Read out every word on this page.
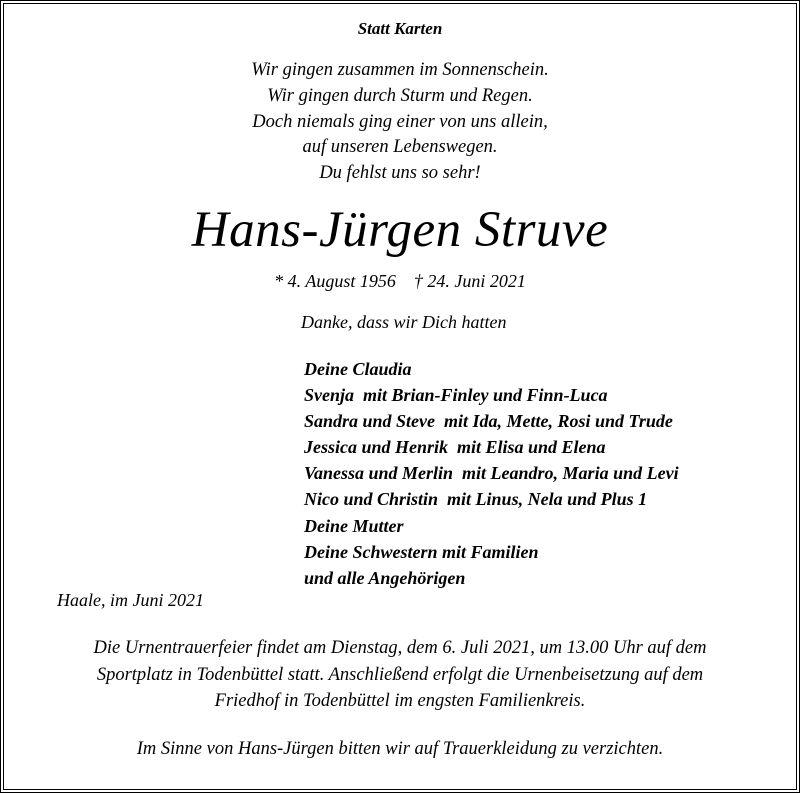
Statt Karten
Wir gingen zusammen im Sonnenschein.
Wir gingen durch Sturm und Regen.
Doch niemals ging einer von uns allein,
auf unseren Lebenswegen.
Du fehlst uns so sehr!
Hans-Jürgen Struve
* 4. August 1956 † 24. Juni 2021
Danke, dass wir Dich hatten
Deine Claudia
Svenja  mit Brian-Finley und Finn-Luca
Sandra und Steve  mit Ida, Mette, Rosi und Trude
Jessica und Henrik  mit Elisa und Elena
Vanessa und Merlin  mit Leandro, Maria und Levi
Nico und Christin  mit Linus, Nela und Plus 1
Deine Mutter
Deine Schwestern mit Familien
und alle Angehörigen
Haale, im Juni 2021
Die Urnentrauerfeier findet am Dienstag, dem 6. Juli 2021, um 13.00 Uhr auf dem
Sportplatz in Todenbüttel statt. Anschließend erfolgt die Urnenbeisetzung auf dem
Friedhof in Todenbüttel im engsten Familienkreis.
Im Sinne von Hans-Jürgen bitten wir auf Trauerkleidung zu verzichten.
